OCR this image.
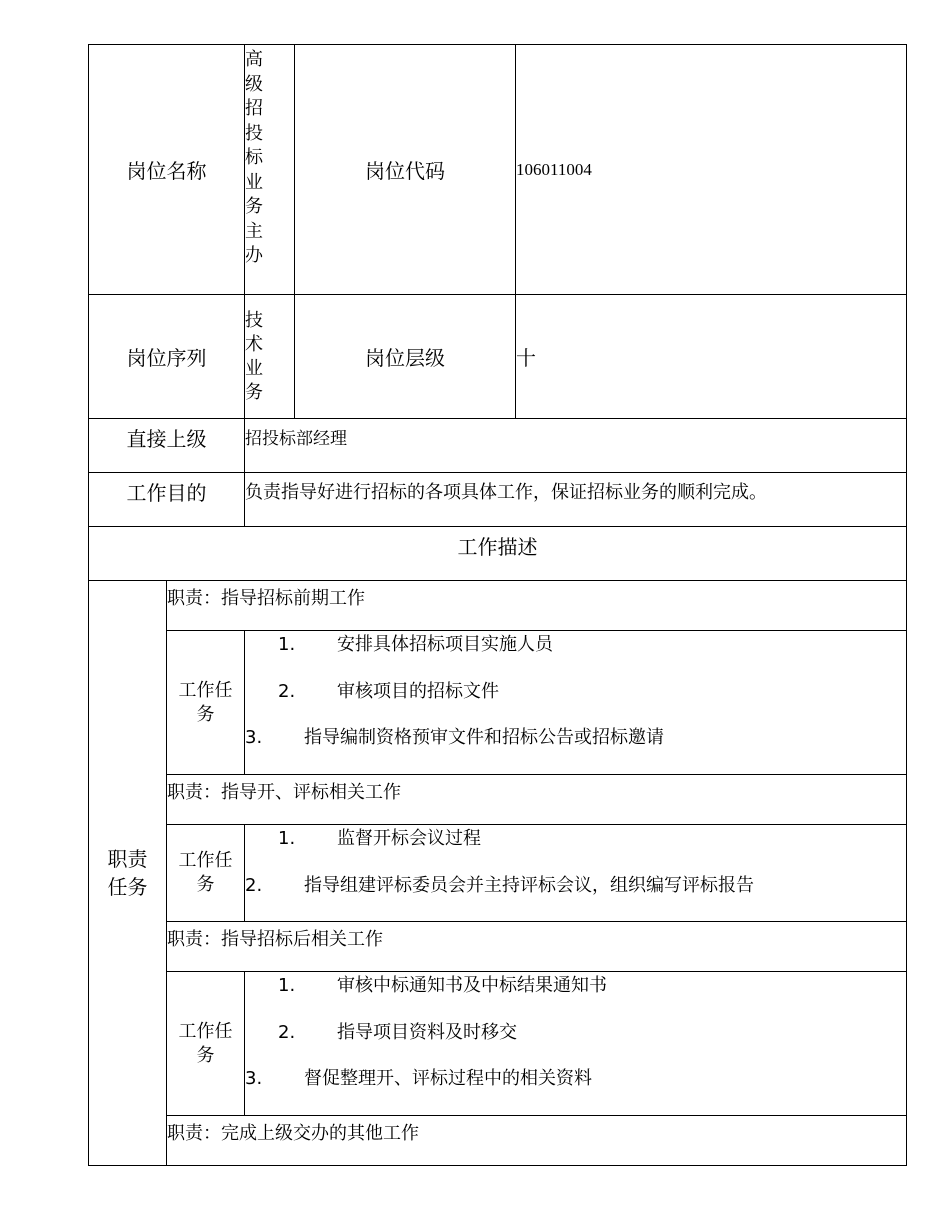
岗位名称		高级招投标业务主办	岗位代码	106011004
岗位序列		技术业务	岗位层级	十
直接上级		招投标部经理		
工作目的		负责指导好进行招标的各项具体工作，保证招标业务的顺利完成。		
工作描述				

职责任务	职责：指导招标前期工作			

	工作任务	1. 安排具体招标项目实施人员
2. 审核项目的招标文件
3. 指导编制资格预审文件和招标公告或招标邀请		

	职责：指导开、评标相关工作			

	工作任务	1. 监督开标会议过程
2. 指导组建评标委员会并主持评标会议，组织编写评标报告		

	职责：指导招标后相关工作			

	工作任务	1. 审核中标通知书及中标结果通知书
2. 指导项目资料及时移交
3. 督促整理开、评标过程中的相关资料		

	职责：完成上级交办的其他工作			
